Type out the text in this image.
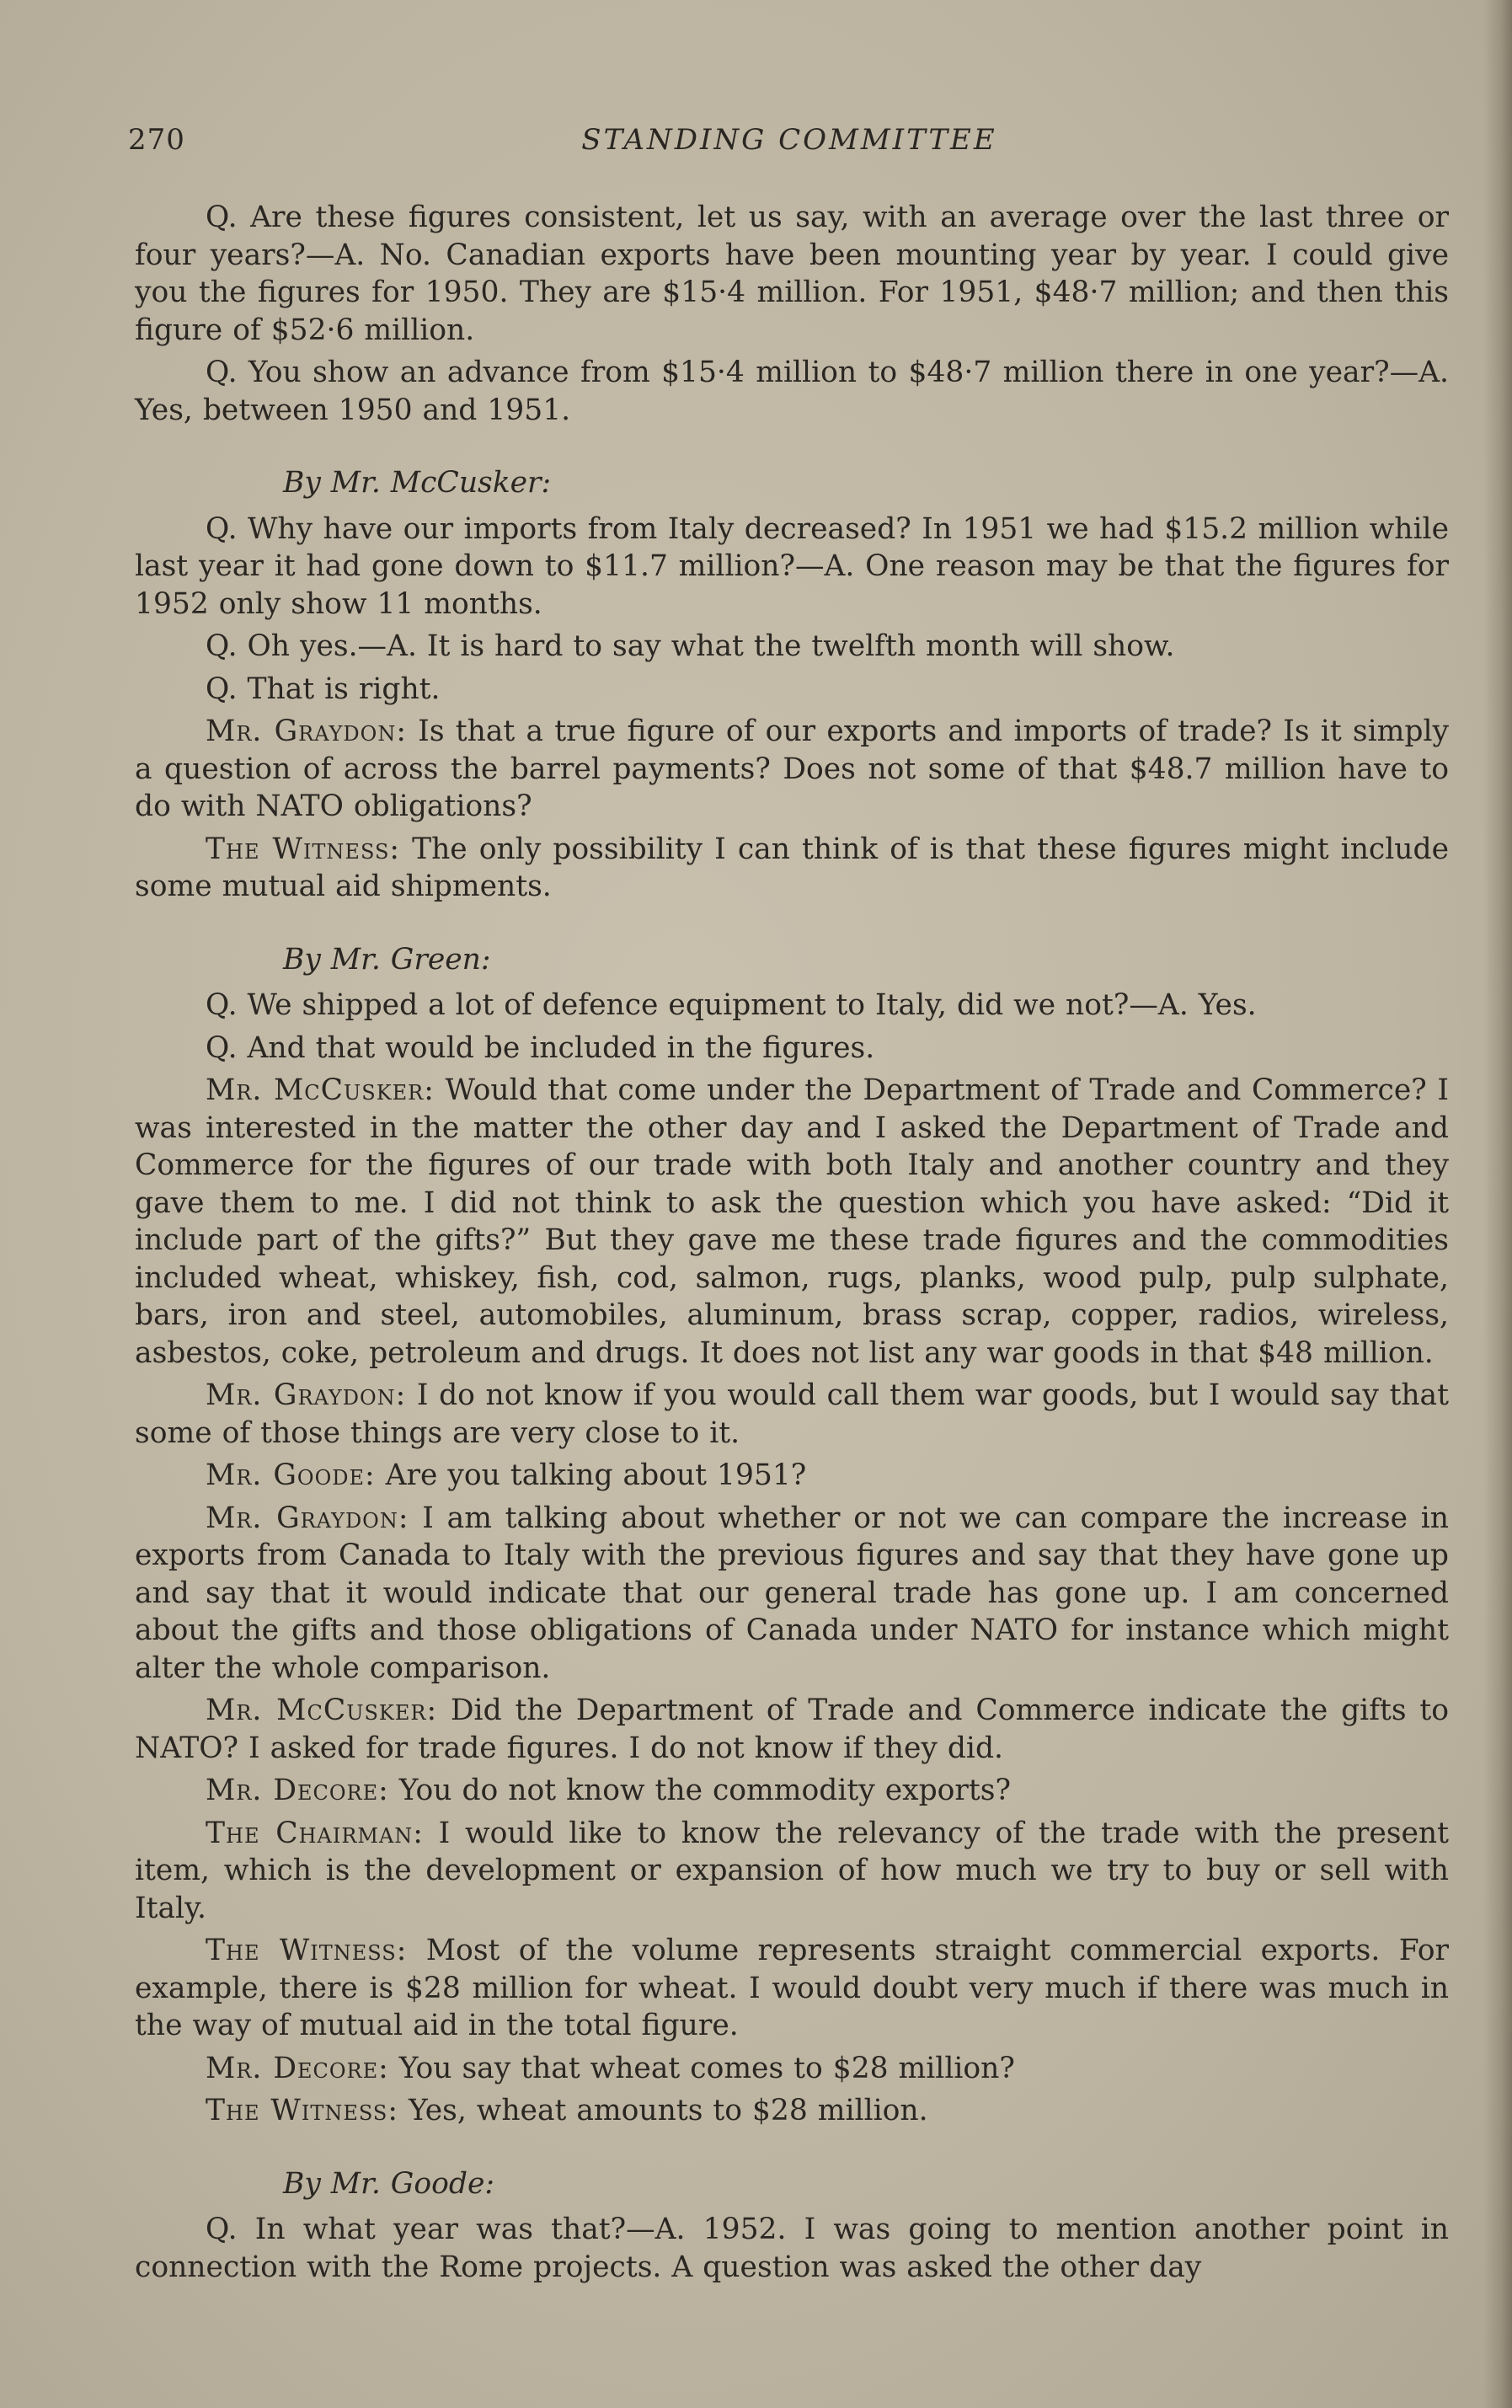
270	STANDING COMMITTEE

Q. Are these figures consistent, let us say, with an average over the last three or four years?—A. No. Canadian exports have been mounting year by year. I could give you the figures for 1950. They are $15·4 million. For 1951, $48·7 million; and then this figure of $52·6 million.

Q. You show an advance from $15·4 million to $48·7 million there in one year?—A. Yes, between 1950 and 1951.

By Mr. McCusker:

Q. Why have our imports from Italy decreased? In 1951 we had $15.2 million while last year it had gone down to $11.7 million?—A. One reason may be that the figures for 1952 only show 11 months.

Q. Oh yes.—A. It is hard to say what the twelfth month will show.

Q. That is right.

Mr. Graydon: Is that a true figure of our exports and imports of trade? Is it simply a question of across the barrel payments? Does not some of that $48.7 million have to do with NATO obligations?

The Witness: The only possibility I can think of is that these figures might include some mutual aid shipments.

By Mr. Green:

Q. We shipped a lot of defence equipment to Italy, did we not?—A. Yes.

Q. And that would be included in the figures.

Mr. McCusker: Would that come under the Department of Trade and Commerce? I was interested in the matter the other day and I asked the Department of Trade and Commerce for the figures of our trade with both Italy and another country and they gave them to me. I did not think to ask the question which you have asked: “Did it include part of the gifts?” But they gave me these trade figures and the commodities included wheat, whiskey, fish, cod, salmon, rugs, planks, wood pulp, pulp sulphate, bars, iron and steel, automobiles, aluminum, brass scrap, copper, radios, wireless, asbestos, coke, petroleum and drugs. It does not list any war goods in that $48 million.

Mr. Graydon: I do not know if you would call them war goods, but I would say that some of those things are very close to it.

Mr. Goode: Are you talking about 1951?

Mr. Graydon: I am talking about whether or not we can compare the increase in exports from Canada to Italy with the previous figures and say that they have gone up and say that it would indicate that our general trade has gone up. I am concerned about the gifts and those obligations of Canada under NATO for instance which might alter the whole comparison.

Mr. McCusker: Did the Department of Trade and Commerce indicate the gifts to NATO? I asked for trade figures. I do not know if they did.

Mr. Decore: You do not know the commodity exports?

The Chairman: I would like to know the relevancy of the trade with the present item, which is the development or expansion of how much we try to buy or sell with Italy.

The Witness: Most of the volume represents straight commercial exports. For example, there is $28 million for wheat. I would doubt very much if there was much in the way of mutual aid in the total figure.

Mr. Decore: You say that wheat comes to $28 million?

The Witness: Yes, wheat amounts to $28 million.

By Mr. Goode:

Q. In what year was that?—A. 1952. I was going to mention another point in connection with the Rome projects. A question was asked the other day
